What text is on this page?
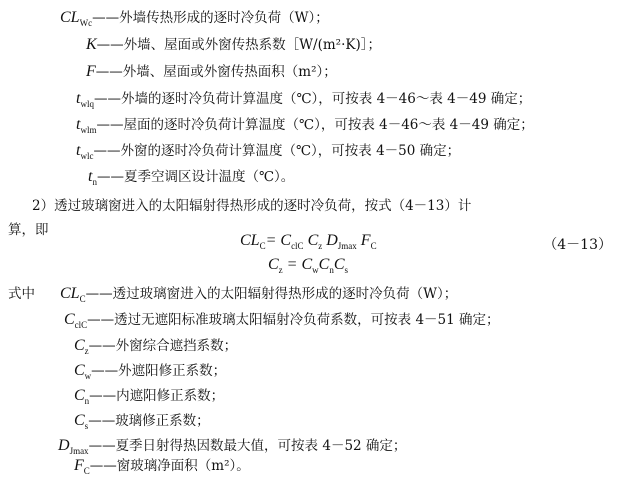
$CL_{Wc}——$外墙传热形成的逐时冷负荷（W）；
K——外墙、屋面或外窗传热系数［W/(m²·K)］；
F——外墙、屋面或外窗传热面积（m²）；
$t_{wlq}——$外墙的逐时冷负荷计算温度（℃），可按表 4－46～表 4－49 确定；
$t_{wlm}——$屋面的逐时冷负荷计算温度（℃），可按表 4－46～表 4－49 确定；
$t_{wlc}——$外窗的逐时冷负荷计算温度（℃），可按表 4－50 确定；
$t_n——$夏季空调区设计温度（℃）。
2）透过玻璃窗进入的太阳辐射得热形成的逐时冷负荷，按式（4－13）计
算，即
$CL_C= C_{clC}$ $C_z$ $D_{Jmax}$ $F_C$	（4－13）
$C_z = C_wC_nC_s$
式中 $CL_C——$透过玻璃窗进入的太阳辐射得热形成的逐时冷负荷（W）；
$C_{clC}——$透过无遮阳标准玻璃太阳辐射冷负荷系数，可按表 4－51 确定；
$C_z——$外窗综合遮挡系数；
$C_w——$外遮阳修正系数；
$C_n——$内遮阳修正系数；
$C_s——$玻璃修正系数；
$D_{Jmax}——$夏季日射得热因数最大值，可按表 4－52 确定；
$F_C——$窗玻璃净面积（m²）。
